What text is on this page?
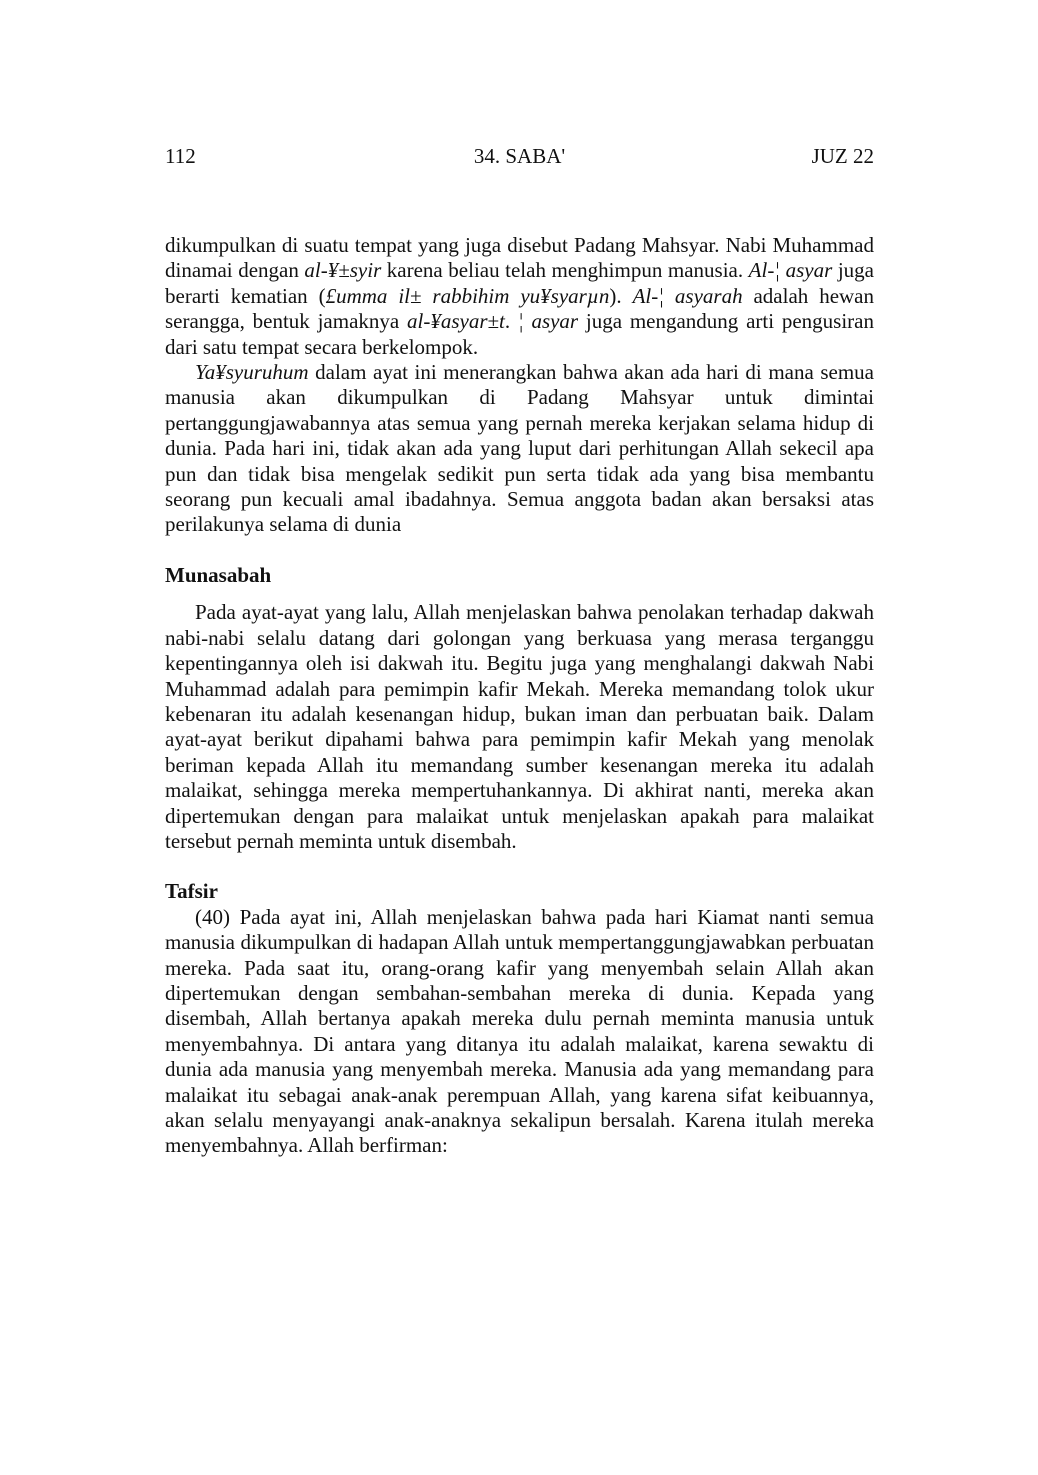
112	34. SABA'	JUZ 22

dikumpulkan di suatu tempat yang juga disebut Padang Mahsyar. Nabi Muhammad dinamai dengan al-¥±syir karena beliau telah menghimpun manusia. Al-¦ asyar juga berarti kematian (£umma il± rabbihim yu¥syarµn). Al-¦ asyarah adalah hewan serangga, bentuk jamaknya al-¥asyar±t. ¦ asyar juga mengandung arti pengusiran dari satu tempat secara berkelompok.

Ya¥syuruhum dalam ayat ini menerangkan bahwa akan ada hari di mana semua manusia akan dikumpulkan di Padang Mahsyar untuk dimintai pertanggungjawabannya atas semua yang pernah mereka kerjakan selama hidup di dunia. Pada hari ini, tidak akan ada yang luput dari perhitungan Allah sekecil apa pun dan tidak bisa mengelak sedikit pun serta tidak ada yang bisa membantu seorang pun kecuali amal ibadahnya. Semua anggota badan akan bersaksi atas perilakunya selama di dunia

Munasabah

Pada ayat-ayat yang lalu, Allah menjelaskan bahwa penolakan terhadap dakwah nabi-nabi selalu datang dari golongan yang berkuasa yang merasa terganggu kepentingannya oleh isi dakwah itu. Begitu juga yang menghalangi dakwah Nabi Muhammad adalah para pemimpin kafir Mekah. Mereka memandang tolok ukur kebenaran itu adalah kesenangan hidup, bukan iman dan perbuatan baik. Dalam ayat-ayat berikut dipahami bahwa para pemimpin kafir Mekah yang menolak beriman kepada Allah itu memandang sumber kesenangan mereka itu adalah malaikat, sehingga mereka mempertuhankannya. Di akhirat nanti, mereka akan dipertemukan dengan para malaikat untuk menjelaskan apakah para malaikat tersebut pernah meminta untuk disembah.

Tafsir

(40) Pada ayat ini, Allah menjelaskan bahwa pada hari Kiamat nanti semua manusia dikumpulkan di hadapan Allah untuk mempertanggungjawabkan perbuatan mereka. Pada saat itu, orang-orang kafir yang menyembah selain Allah akan dipertemukan dengan sembahan-sembahan mereka di dunia. Kepada yang disembah, Allah bertanya apakah mereka dulu pernah meminta manusia untuk menyembahnya. Di antara yang ditanya itu adalah malaikat, karena sewaktu di dunia ada manusia yang menyembah mereka. Manusia ada yang memandang para malaikat itu sebagai anak-anak perempuan Allah, yang karena sifat keibuannya, akan selalu menyayangi anak-anaknya sekalipun bersalah. Karena itulah mereka menyembahnya. Allah berfirman:
